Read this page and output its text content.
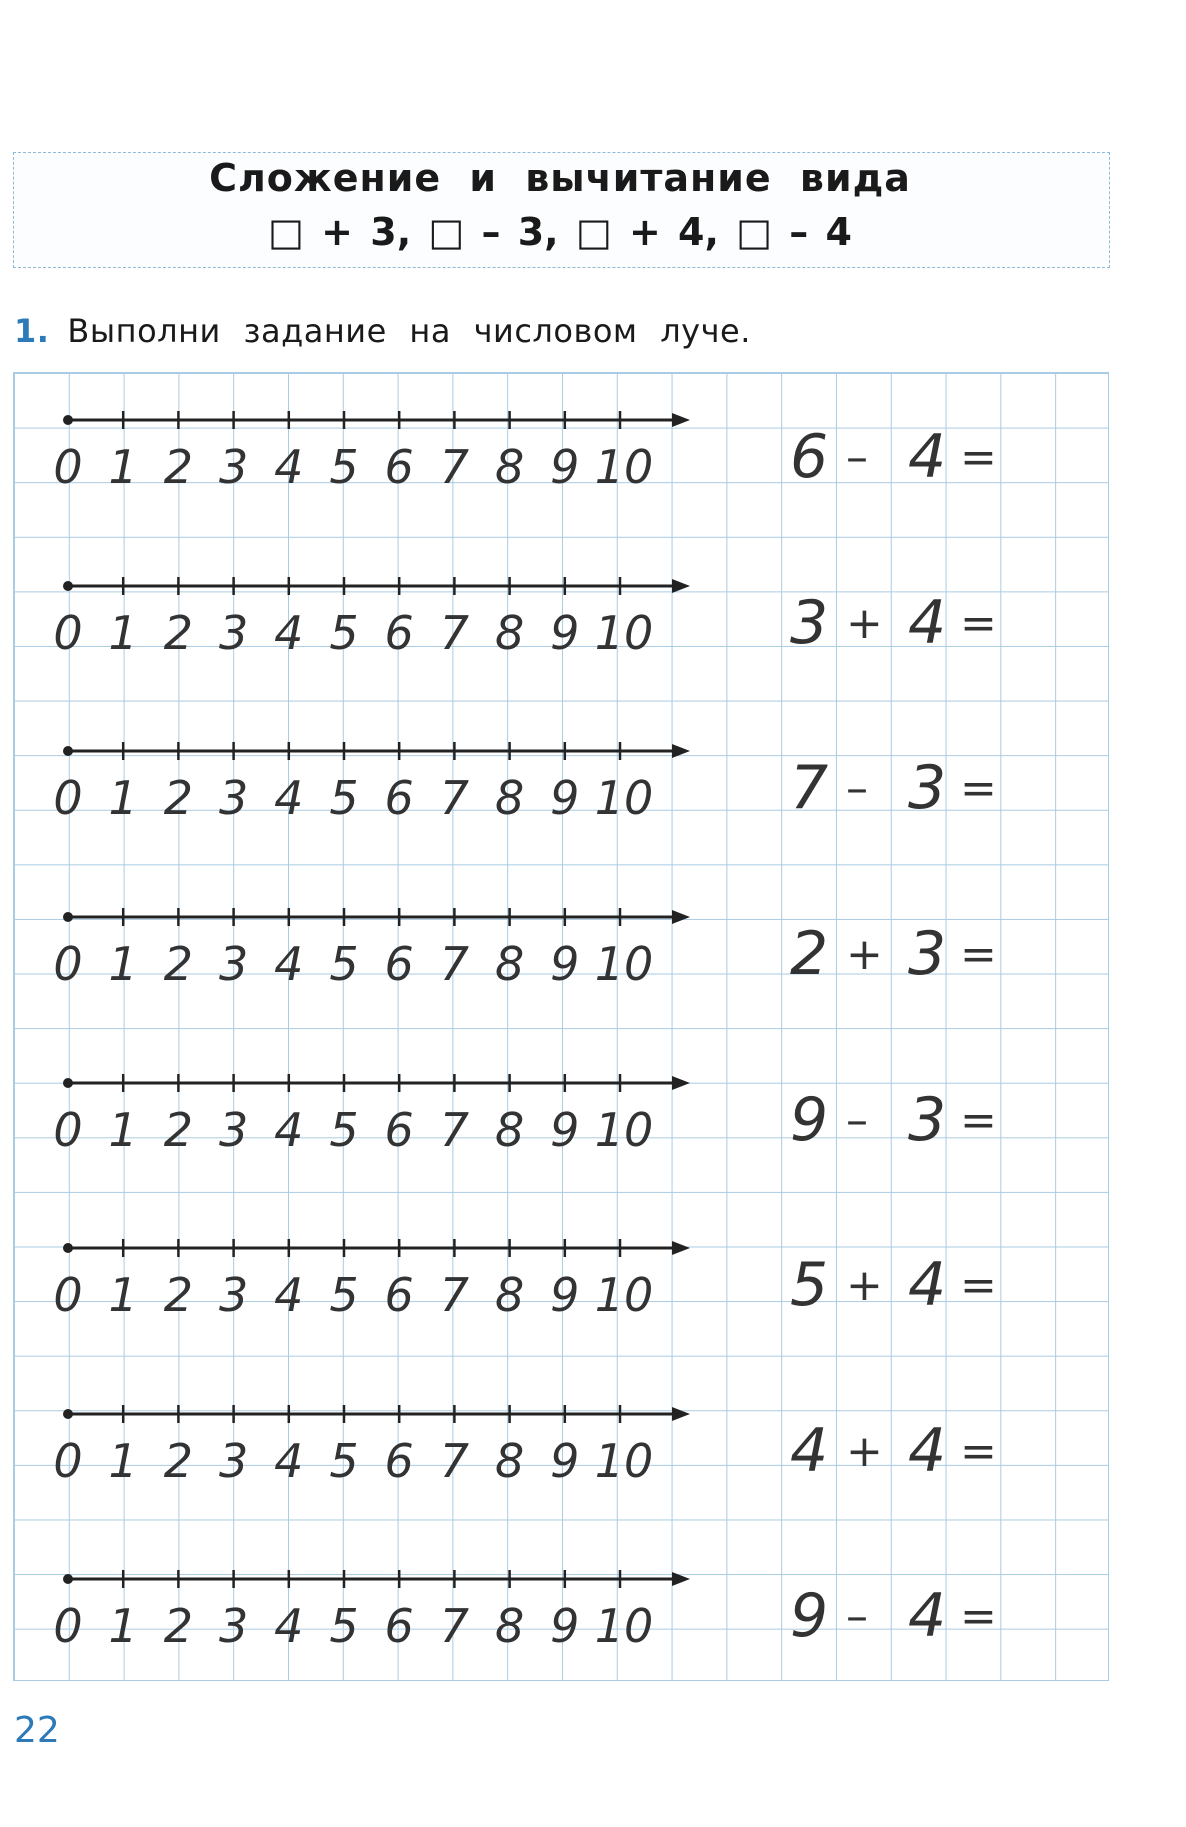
Сложение и вычитание вида
□ + 3, □ – 3, □ + 4, □ – 4
1. Выполни задание на числовом луче.
0 1 2 3 4 5 6 7 8 9 10 6 – 4 =
0 1 2 3 4 5 6 7 8 9 10 3 + 4 =
0 1 2 3 4 5 6 7 8 9 10 7 – 3 =
0 1 2 3 4 5 6 7 8 9 10 2 + 3 =
0 1 2 3 4 5 6 7 8 9 10 9 – 3 =
0 1 2 3 4 5 6 7 8 9 10 5 + 4 =
0 1 2 3 4 5 6 7 8 9 10 4 + 4 =
0 1 2 3 4 5 6 7 8 9 10 9 – 4 =
22
